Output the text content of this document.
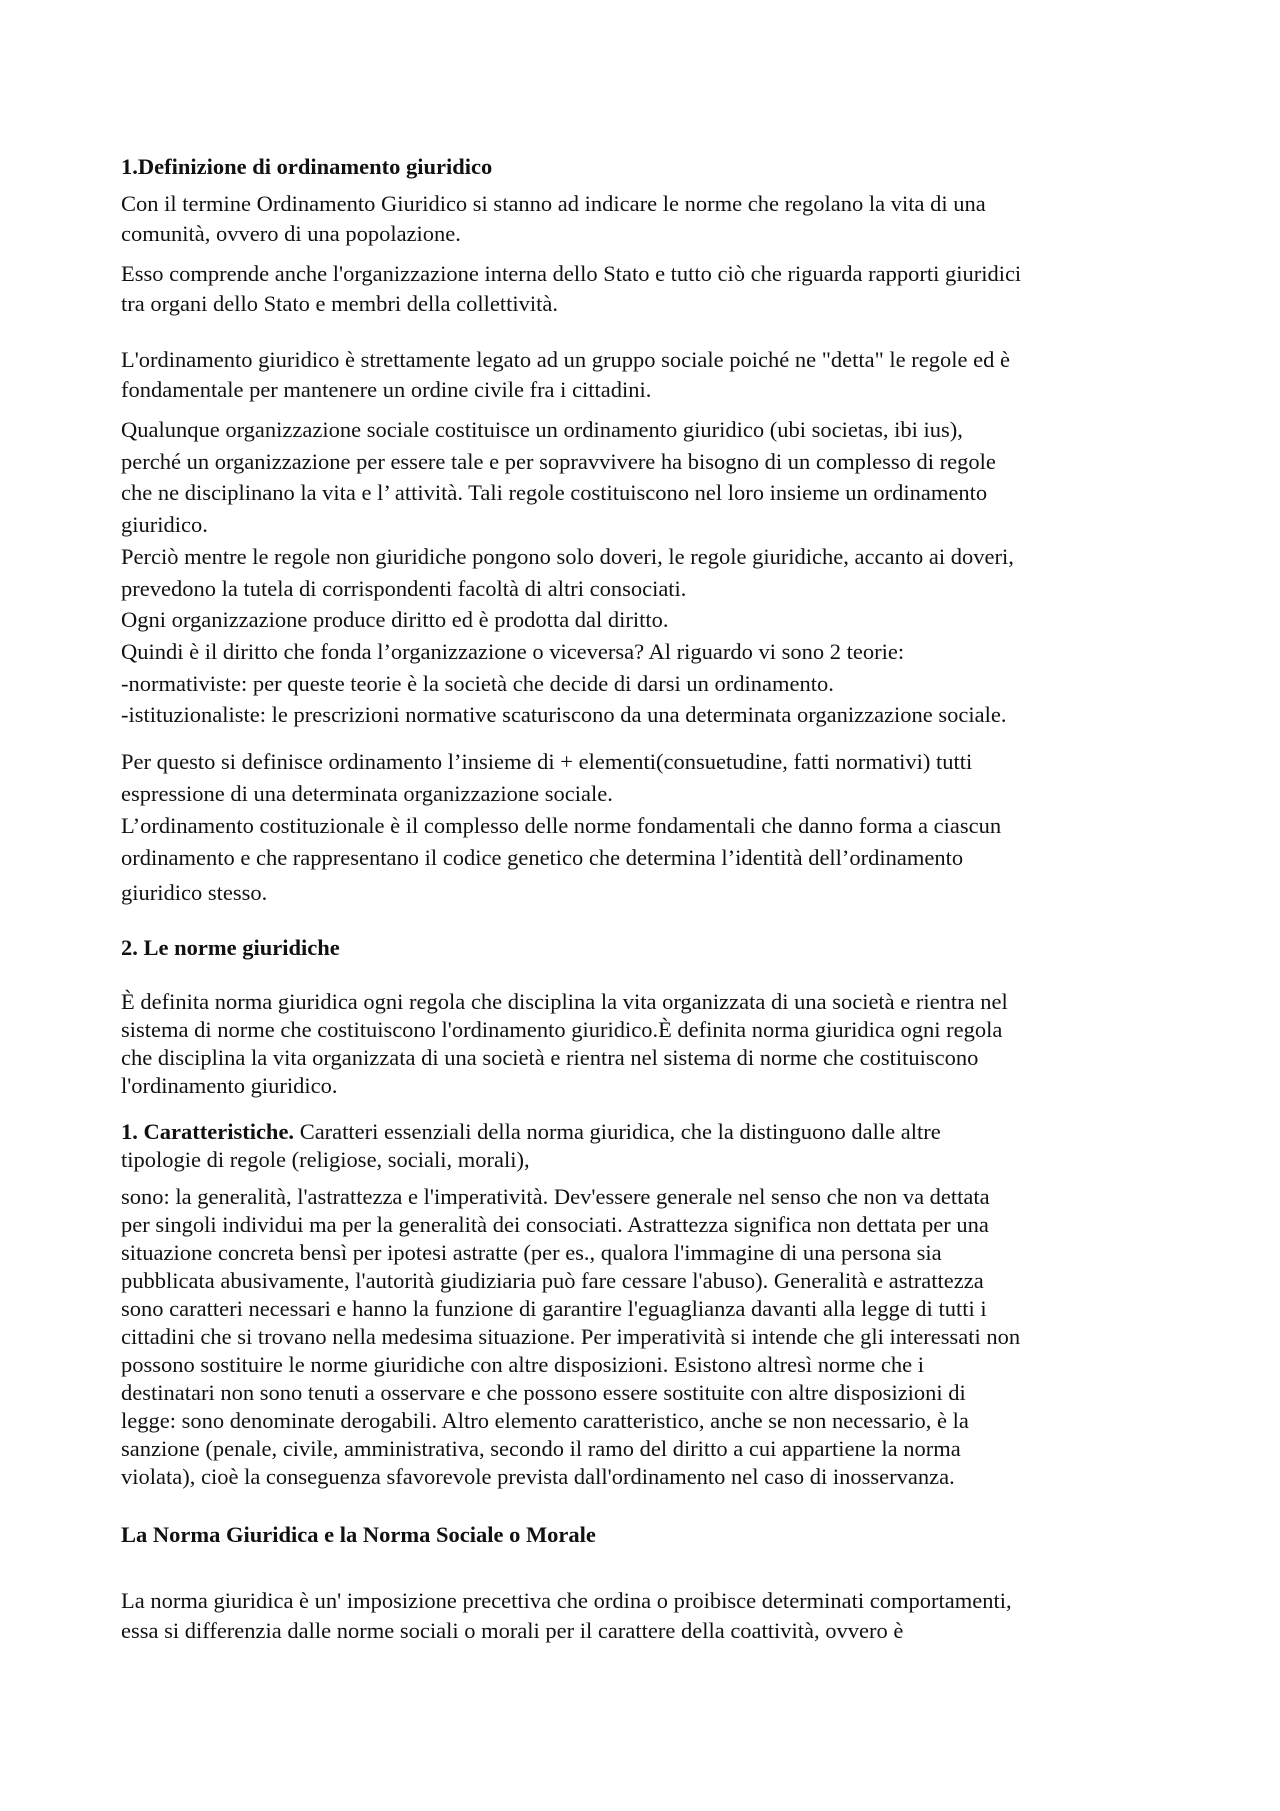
1.Definizione di ordinamento giuridico

Con il termine Ordinamento Giuridico si stanno ad indicare le norme che regolano la vita di una
comunità, ovvero di una popolazione.
Esso comprende anche l'organizzazione interna dello Stato e tutto ciò che riguarda rapporti giuridici
tra organi dello Stato e membri della collettività.
L'ordinamento giuridico è strettamente legato ad un gruppo sociale poiché ne "detta" le regole ed è
fondamentale per mantenere un ordine civile fra i cittadini.
Qualunque organizzazione sociale costituisce un ordinamento giuridico (ubi societas, ibi ius),
perché un organizzazione per essere tale e per sopravvivere ha bisogno di un complesso di regole
che ne disciplinano la vita e l’ attività. Tali regole costituiscono nel loro insieme un ordinamento
giuridico.
Perciò mentre le regole non giuridiche pongono solo doveri, le regole giuridiche, accanto ai doveri,
prevedono la tutela di corrispondenti facoltà di altri consociati.
Ogni organizzazione produce diritto ed è prodotta dal diritto.
Quindi è il diritto che fonda l’organizzazione o viceversa? Al riguardo vi sono 2 teorie:
-normativiste: per queste teorie è la società che decide di darsi un ordinamento.
-istituzionaliste: le prescrizioni normative scaturiscono da una determinata organizzazione sociale.
Per questo si definisce ordinamento l’insieme di + elementi(consuetudine, fatti normativi) tutti
espressione di una determinata organizzazione sociale.
L’ordinamento costituzionale è il complesso delle norme fondamentali che danno forma a ciascun
ordinamento e che rappresentano il codice genetico che determina l’identità dell’ordinamento
giuridico stesso.

2. Le norme giuridiche

È definita norma giuridica ogni regola che disciplina la vita organizzata di una società e rientra nel
sistema di norme che costituiscono l'ordinamento giuridico.È definita norma giuridica ogni regola
che disciplina la vita organizzata di una società e rientra nel sistema di norme che costituiscono
l'ordinamento giuridico.
1. Caratteristiche. Caratteri essenziali della norma giuridica, che la distinguono dalle altre
tipologie di regole (religiose, sociali, morali),
sono: la generalità, l'astrattezza e l'imperatività. Dev'essere generale nel senso che non va dettata
per singoli individui ma per la generalità dei consociati. Astrattezza significa non dettata per una
situazione concreta bensì per ipotesi astratte (per es., qualora l'immagine di una persona sia
pubblicata abusivamente, l'autorità giudiziaria può fare cessare l'abuso). Generalità e astrattezza
sono caratteri necessari e hanno la funzione di garantire l'eguaglianza davanti alla legge di tutti i
cittadini che si trovano nella medesima situazione. Per imperatività si intende che gli interessati non
possono sostituire le norme giuridiche con altre disposizioni. Esistono altresì norme che i
destinatari non sono tenuti a osservare e che possono essere sostituite con altre disposizioni di
legge: sono denominate derogabili. Altro elemento caratteristico, anche se non necessario, è la
sanzione (penale, civile, amministrativa, secondo il ramo del diritto a cui appartiene la norma
violata), cioè la conseguenza sfavorevole prevista dall'ordinamento nel caso di inosservanza.

La Norma Giuridica e la Norma Sociale o Morale

La norma giuridica è un' imposizione precettiva che ordina o proibisce determinati comportamenti,
essa si differenzia dalle norme sociali o morali per il carattere della coattività, ovvero è
